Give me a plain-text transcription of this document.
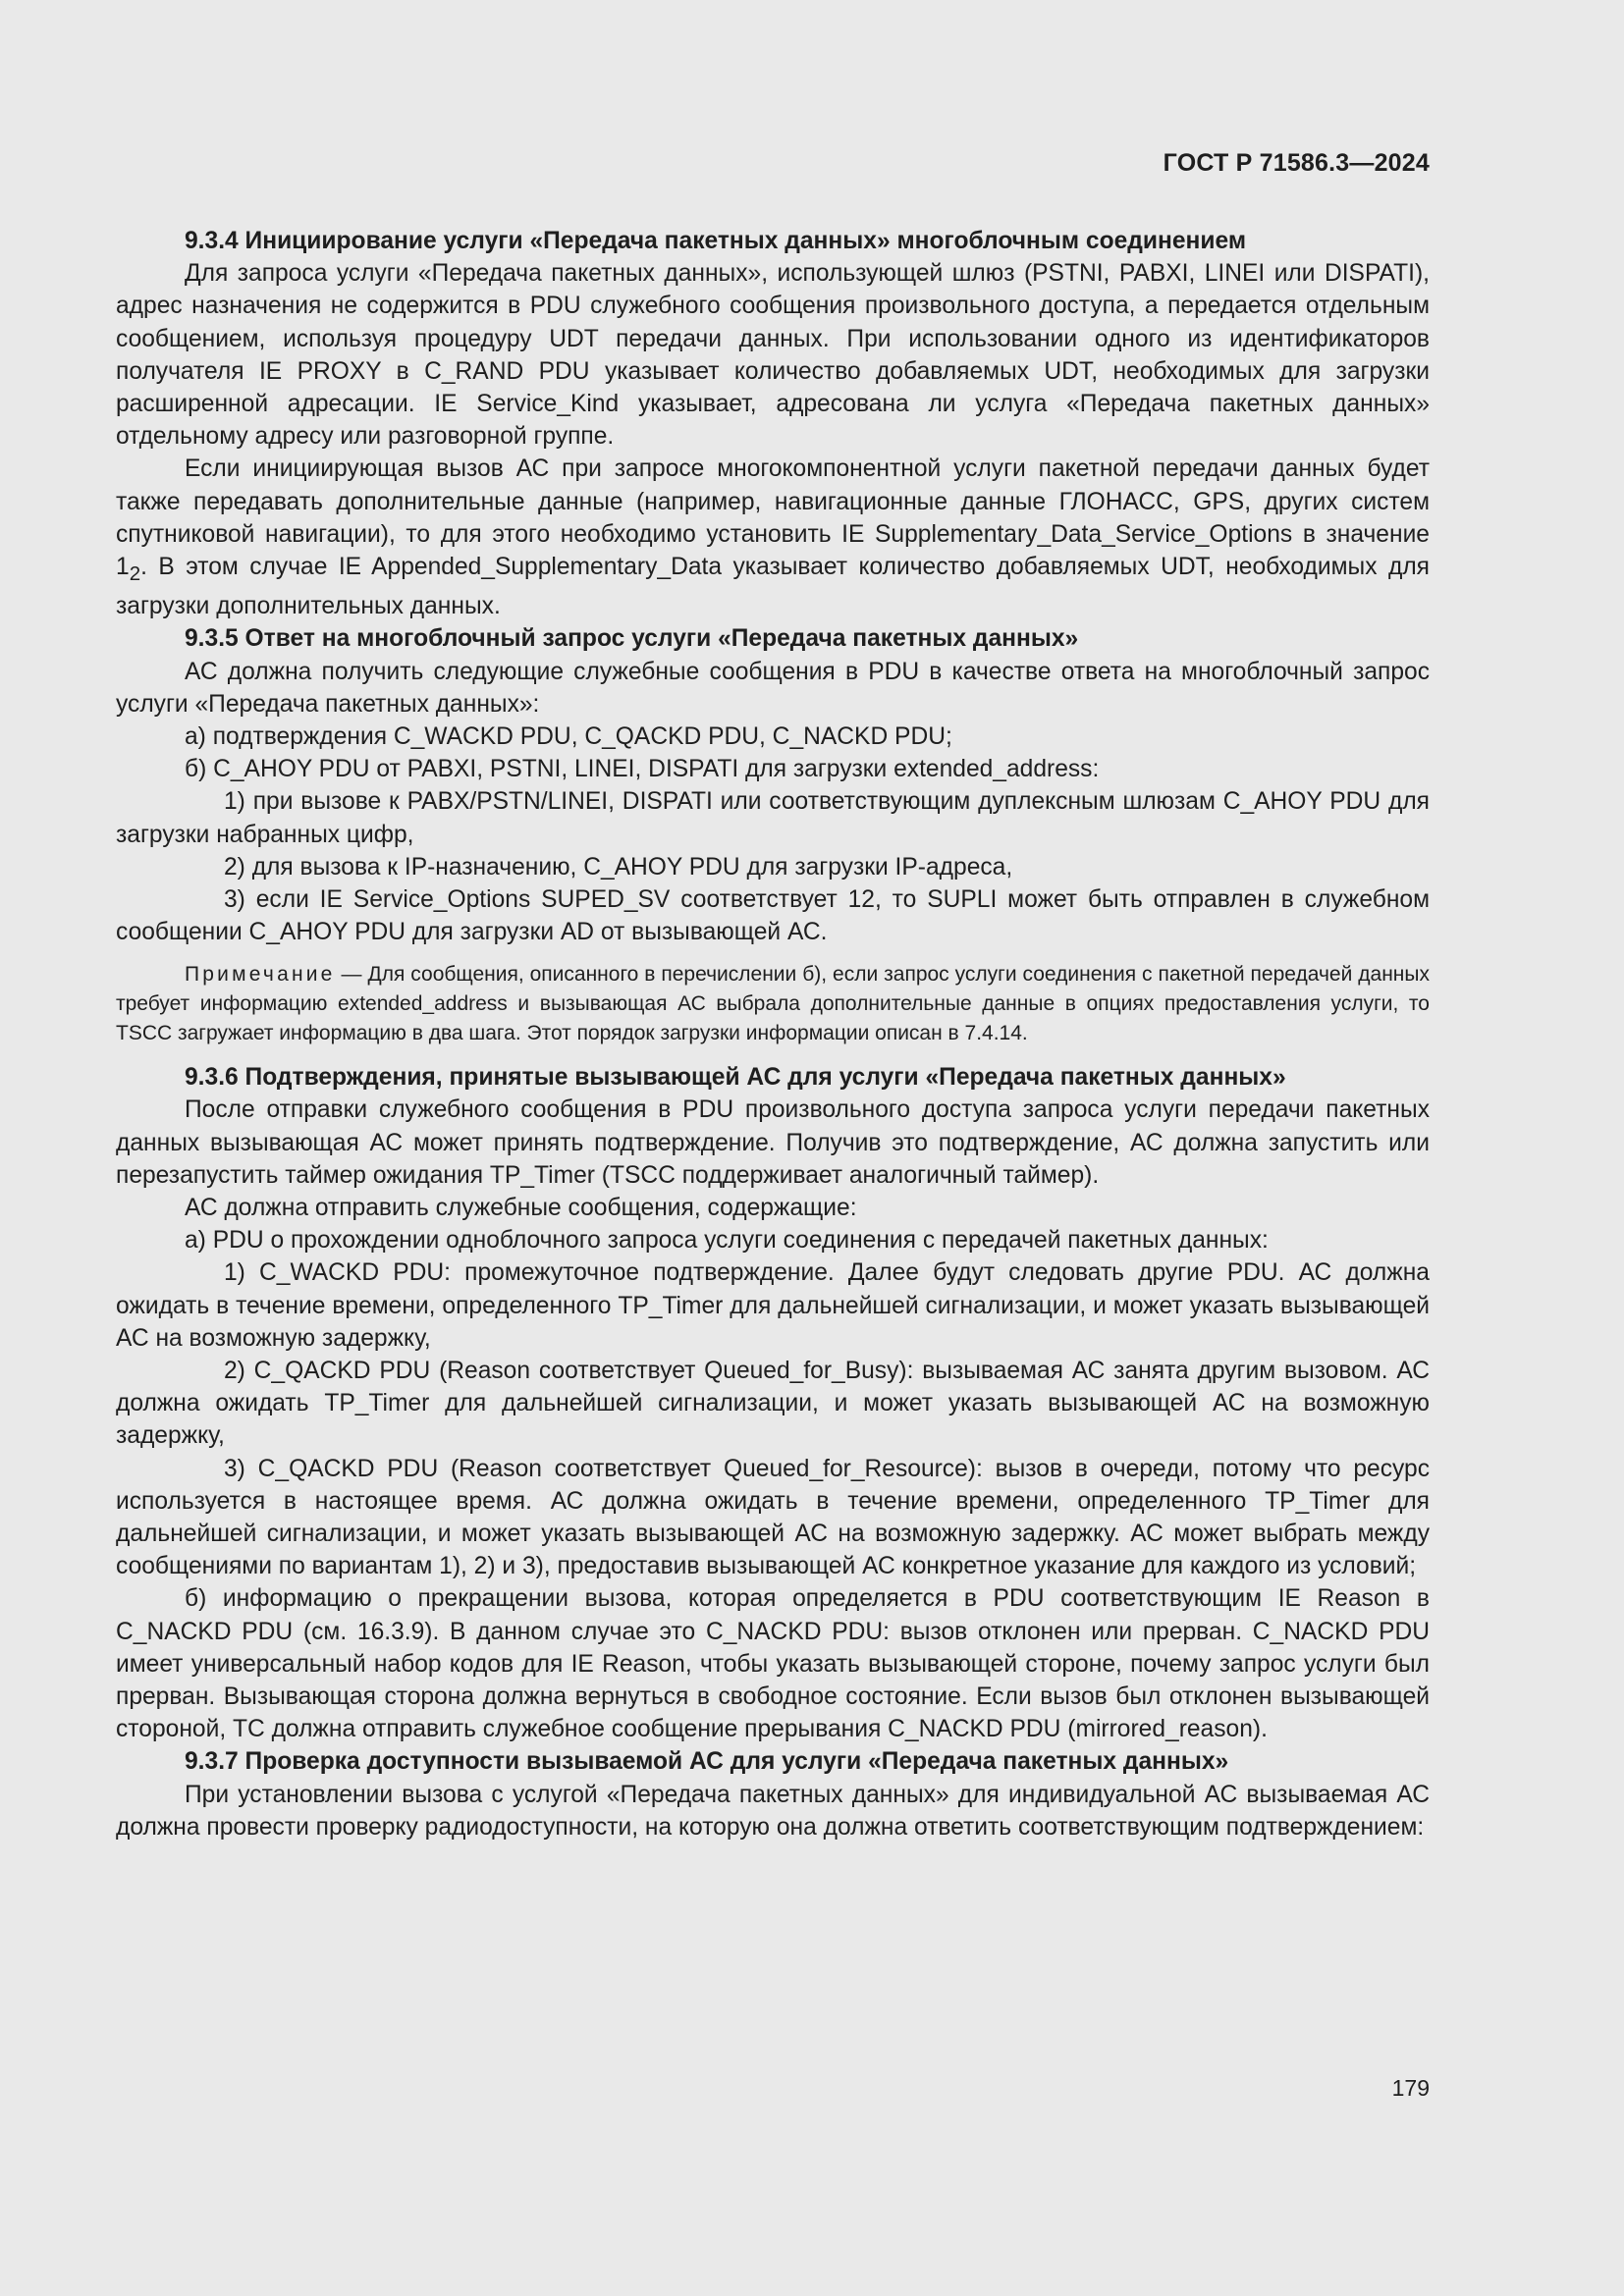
ГОСТ Р 71586.3—2024

9.3.4 Инициирование услуги «Передача пакетных данных» многоблочным соединением

Для запроса услуги «Передача пакетных данных», использующей шлюз (PSTNI, PABXI, LINEI или DISPATI), адрес назначения не содержится в PDU служебного сообщения произвольного доступа, а передается отдельным сообщением, используя процедуру UDT передачи данных. При использовании одного из идентификаторов получателя IE PROXY в C_RAND PDU указывает количество добавляемых UDT, необходимых для загрузки расширенной адресации. IE Service_Kind указывает, адресована ли услуга «Передача пакетных данных» отдельному адресу или разговорной группе.

Если инициирующая вызов АС при запросе многокомпонентной услуги пакетной передачи данных будет также передавать дополнительные данные (например, навигационные данные ГЛОНАСС, GPS, других систем спутниковой навигации), то для этого необходимо установить IE Supplementary_Data_Service_Options в значение $1_2$. В этом случае IE Appended_Supplementary_Data указывает количество добавляемых UDT, необходимых для загрузки дополнительных данных.

9.3.5 Ответ на многоблочный запрос услуги «Передача пакетных данных»

АС должна получить следующие служебные сообщения в PDU в качестве ответа на многоблочный запрос услуги «Передача пакетных данных»:

а) подтверждения C_WACKD PDU, C_QACKD PDU, C_NACKD PDU;

б) C_AHOY PDU от PABXI, PSTNI, LINEI, DISPATI для загрузки extended_address:

1) при вызове к PABX/PSTN/LINEI, DISPATI или соответствующим дуплексным шлюзам C_AHOY PDU для загрузки набранных цифр,

2) для вызова к IP-назначению, C_AHOY PDU для загрузки IP-адреса,

3) если IE Service_Options SUPED_SV соответствует 12, то SUPLI может быть отправлен в служебном сообщении C_AHOY PDU для загрузки AD от вызывающей АС.

Примечание — Для сообщения, описанного в перечислении б), если запрос услуги соединения с пакетной передачей данных требует информацию extended_address и вызывающая АС выбрала дополнительные данные в опциях предоставления услуги, то TSCC загружает информацию в два шага. Этот порядок загрузки информации описан в 7.4.14.

9.3.6 Подтверждения, принятые вызывающей АС для услуги «Передача пакетных данных»

После отправки служебного сообщения в PDU произвольного доступа запроса услуги передачи пакетных данных вызывающая АС может принять подтверждение. Получив это подтверждение, АС должна запустить или перезапустить таймер ожидания TP_Timer (TSCC поддерживает аналогичный таймер).

АС должна отправить служебные сообщения, содержащие:

а) PDU о прохождении одноблочного запроса услуги соединения с передачей пакетных данных:

1) C_WACKD PDU: промежуточное подтверждение. Далее будут следовать другие PDU. АС должна ожидать в течение времени, определенного TP_Timer для дальнейшей сигнализации, и может указать вызывающей АС на возможную задержку,

2) C_QACKD PDU (Reason соответствует Queued_for_Busy): вызываемая АС занята другим вызовом. АС должна ожидать TP_Timer для дальнейшей сигнализации, и может указать вызывающей АС на возможную задержку,

3) C_QACKD PDU (Reason соответствует Queued_for_Resource): вызов в очереди, потому что ресурс используется в настоящее время. АС должна ожидать в течение времени, определенного TP_Timer для дальнейшей сигнализации, и может указать вызывающей АС на возможную задержку. АС может выбрать между сообщениями по вариантам 1), 2) и 3), предоставив вызывающей АС конкретное указание для каждого из условий;

б) информацию о прекращении вызова, которая определяется в PDU соответствующим IE Reason в C_NACKD PDU (см. 16.3.9). В данном случае это C_NACKD PDU: вызов отклонен или прерван. C_NACKD PDU имеет универсальный набор кодов для IE Reason, чтобы указать вызывающей стороне, почему запрос услуги был прерван. Вызывающая сторона должна вернуться в свободное состояние. Если вызов был отклонен вызывающей стороной, ТС должна отправить служебное сообщение прерывания C_NACKD PDU (mirrored_reason).

9.3.7 Проверка доступности вызываемой АС для услуги «Передача пакетных данных»

При установлении вызова с услугой «Передача пакетных данных» для индивидуальной АС вызываемая АС должна провести проверку радиодоступности, на которую она должна ответить соответствующим подтверждением:

179
